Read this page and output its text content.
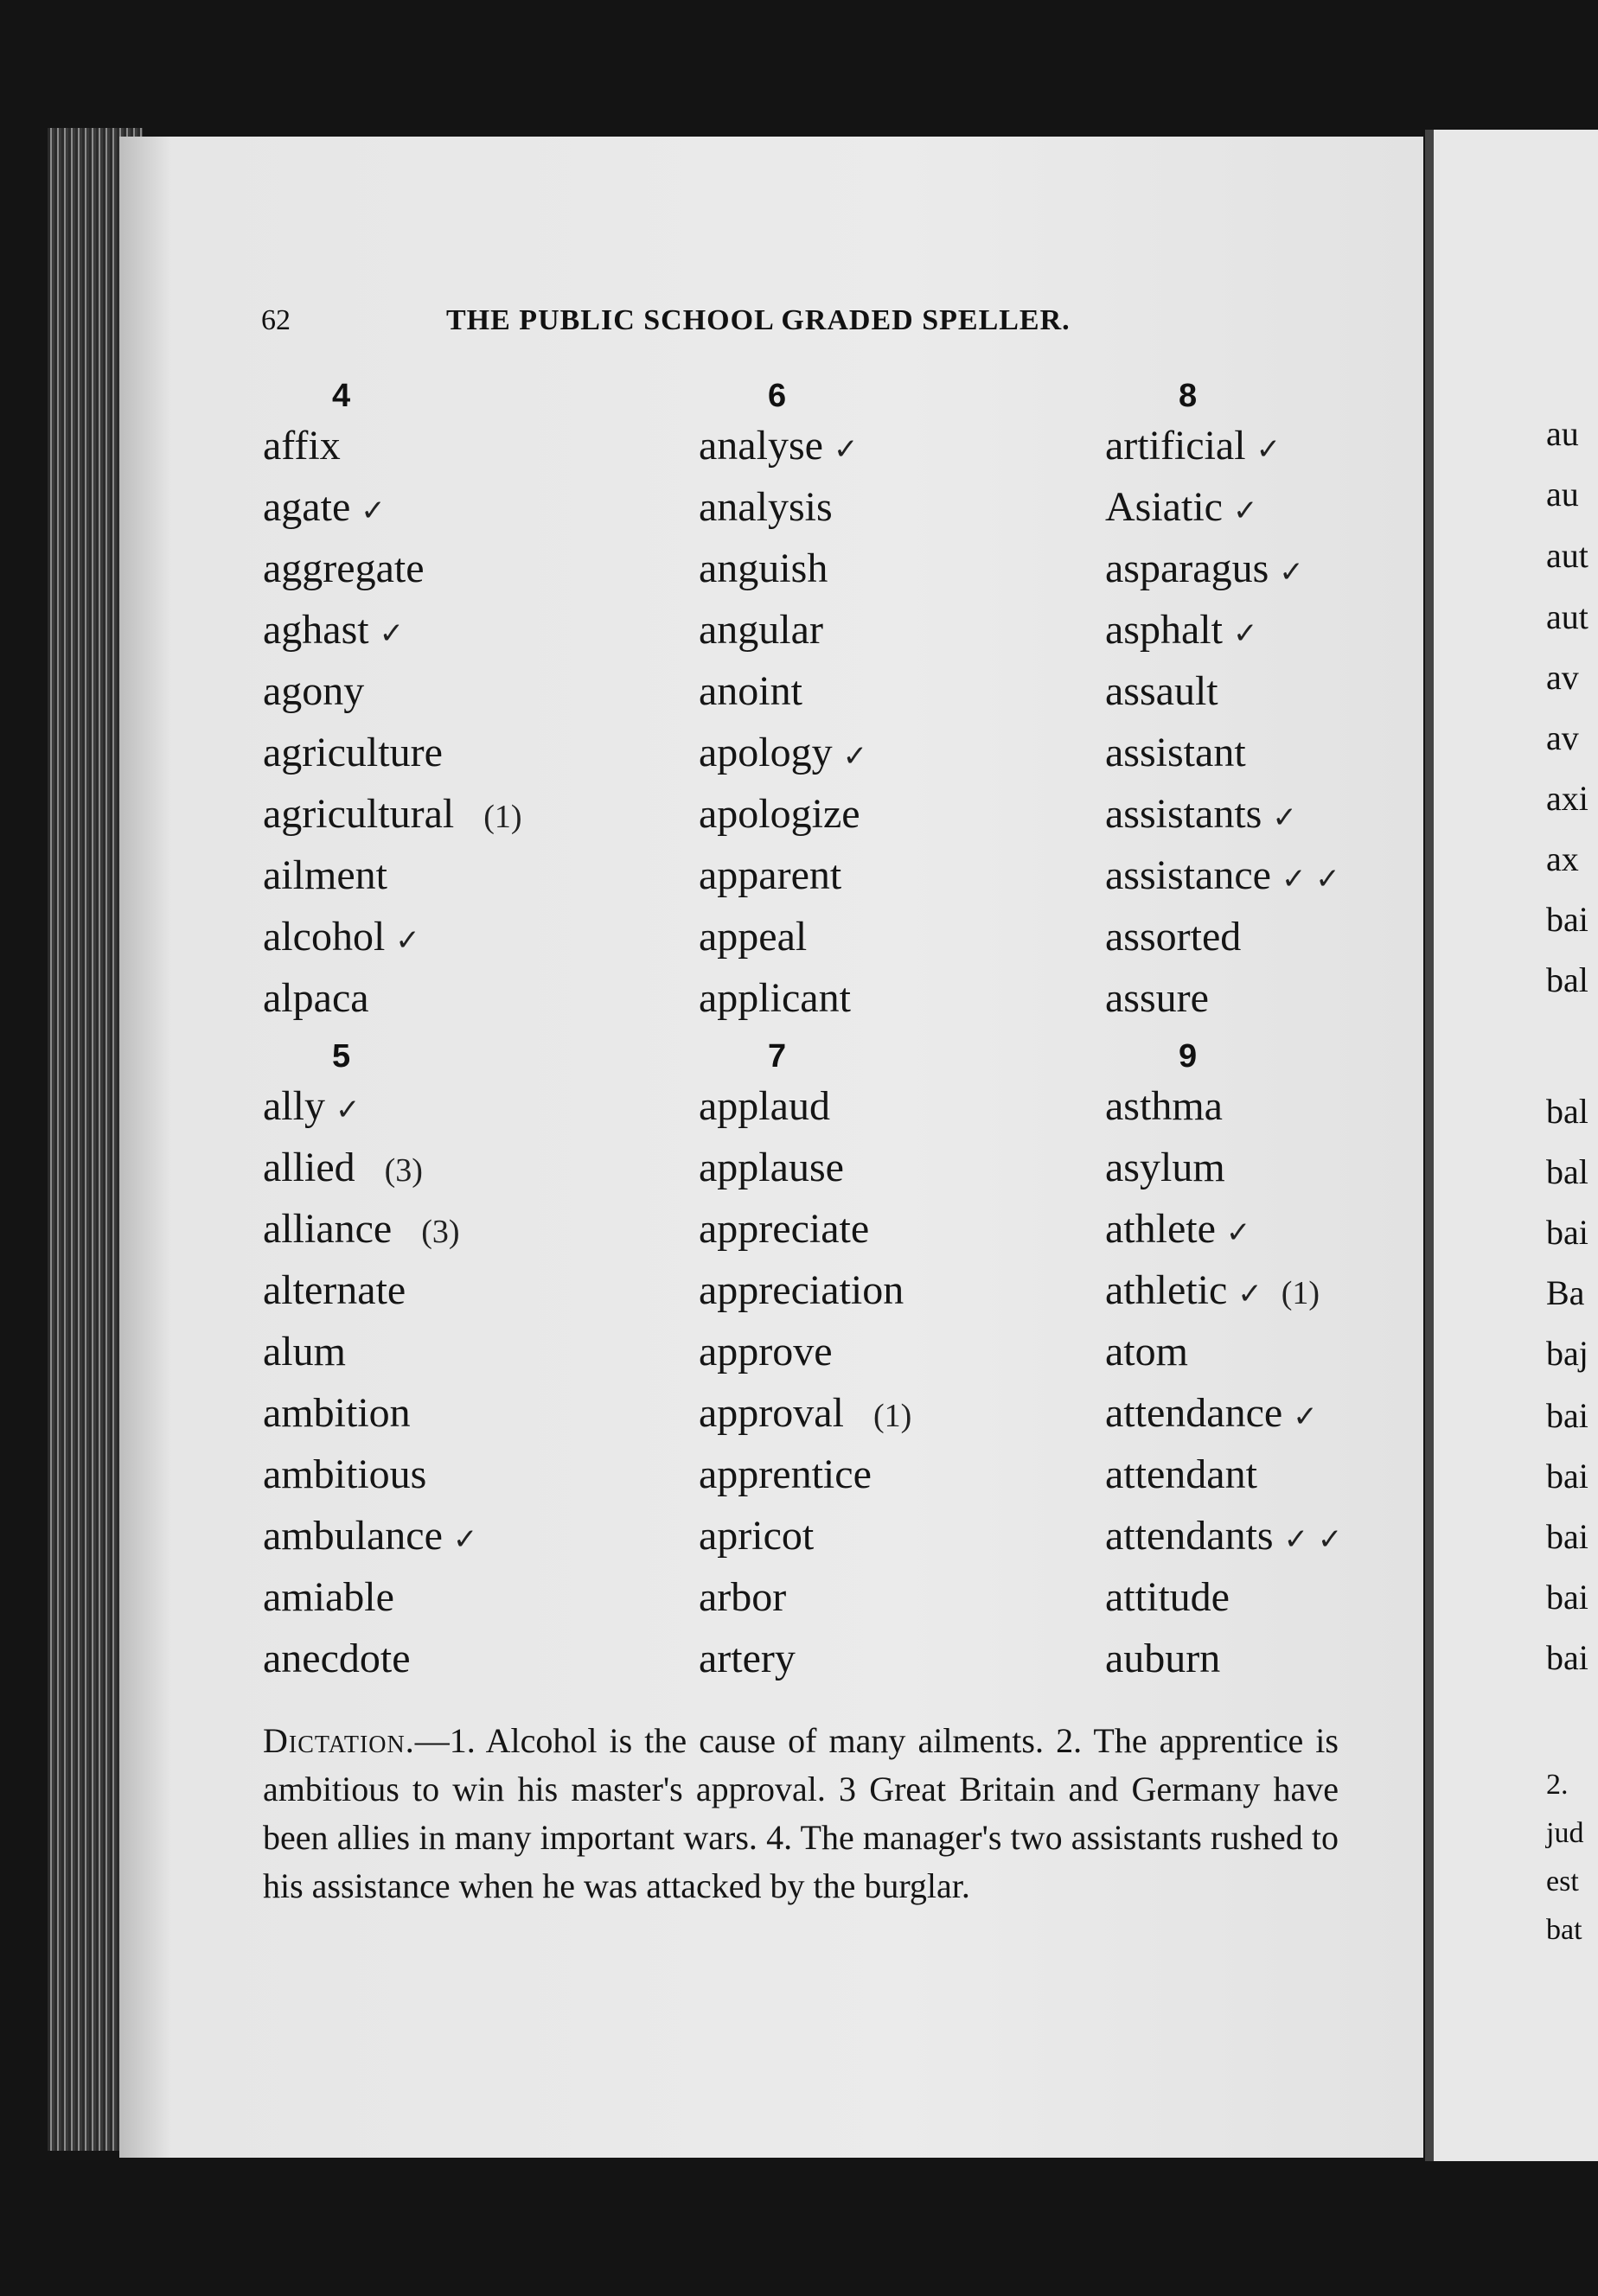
au
au
aut
aut
av
av
axi
ax
bai
bal
bal
bal
bai
Ba
baj
bai
bai
bai
bai
bai
2.
jud
est
bat
62	THE PUBLIC SCHOOL GRADED SPELLER.
4
affix
agate ✓
aggregate
aghast ✓
agony
agriculture
agricultural (1)
ailment
alcohol ✓
alpaca
5
ally ✓
allied (3)
alliance (3)
alternate
alum
ambition
ambitious
ambulance ✓
amiable
anecdote
6
analyse ✓
analysis
anguish
angular
anoint
apology ✓
apologize
apparent
appeal
applicant
7
applaud
applause
appreciate
appreciation
approve
approval (1)
apprentice
apricot
arbor
artery
8
artificial ✓
Asiatic ✓
asparagus ✓
asphalt ✓
assault
assistant
assistants ✓
assistance ✓ ✓
assorted
assure
9
asthma
asylum
athlete ✓
athletic ✓ (1)
atom
attendance ✓
attendant
attendants ✓ ✓
attitude
auburn
Dictation.—1. Alcohol is the cause of many ailments. 2. The apprentice is ambitious to win his master's approval. 3 Great Britain and Germany have been allies in many important wars. 4. The manager's two assistants rushed to his assistance when he was attacked by the burglar.
